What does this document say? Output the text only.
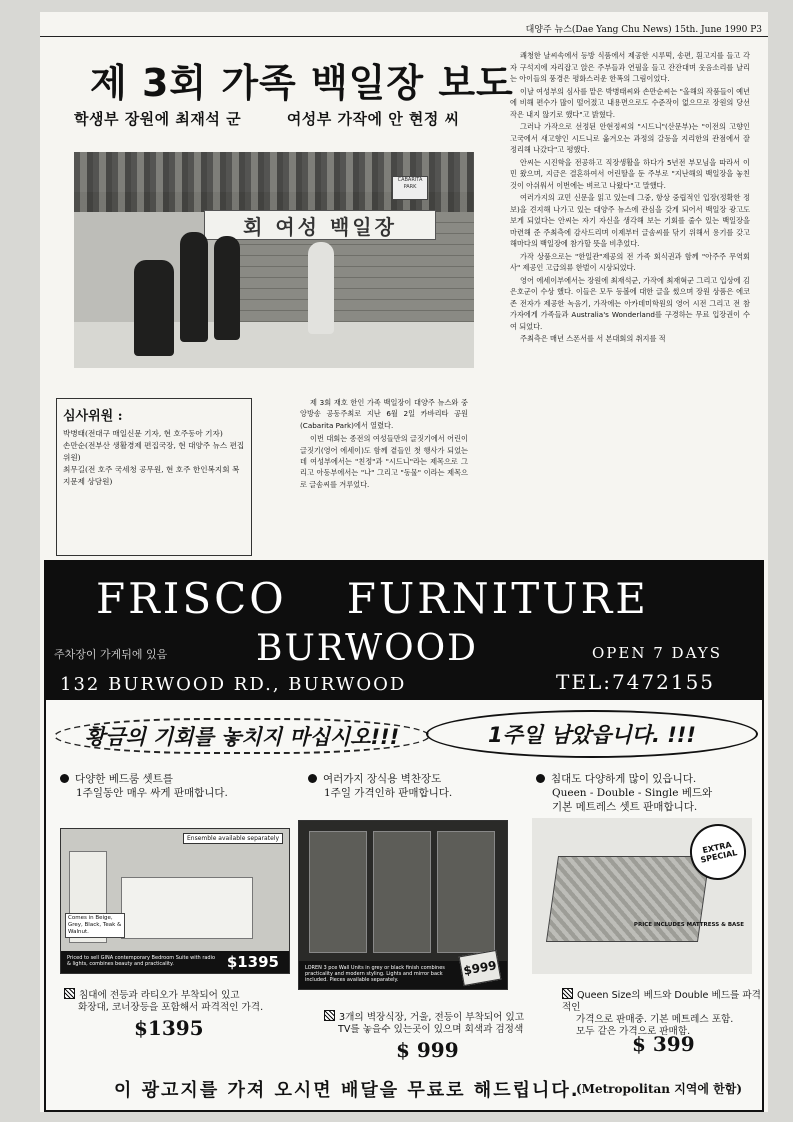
대양주 뉴스(Dae Yang Chu News) 15th. June 1990 P3
제 3회 가족 백일장 보도
학생부 장원에 최재석 군	여성부 가작에 안 현정 씨
회 여성 백일장
CABARITA PARK
심사위원 :
박병태(전대구 매일신문 기자, 현 호주동아 기자)
손만순(전부산 생활경제 편집국장, 현 대양주 뉴스 편집위원)
최무길(전 호주 국세청 공무원, 현 호주 한인복지회 복지문제 상담원)

제 3회 재호 한인 가족 백일장이 대양주 뉴스와 중앙방송 공동주최로 지난 6월 2일 카바리타 공원(Cabarita Park)에서 열렸다.

이번 대회는 종전의 여성들만의 글짓기에서 어린이 글짓기(영어 에세이)도 함께 곁들인 첫 행사가 되었는데 여성부에서는 "친정"과 "시드니"라는 제목으로 그리고 아동부에서는 "나" 그리고 "동물" 이라는 제목으로 글솜씨를 겨루었다.

쾌청한 날씨속에서 등방 식품에서 제공한 시루떡, 송편, 흰고지를 들고 각자 구석지에 자리잡고 앉은 주부들과 연필을 들고 잔잔대며 웃음소리를 날리는 아이들의 풍경은 평화스러운 한폭의 그림이었다.

이날 여성부의 심사를 맡은 박병태씨와 손만순씨는 "올해의 작품들이 예년에 비해 편수가 많이 떨어졌고 내용면으로도 수준작이 없으므로 장원의 당선작은 내지 않기로 했다"고 밝혔다.

그러나 가작으로 선정된 안현정씨의 "시드니"(산문부)는 "이전의 고향인 고국에서 새고향인 시드니로 옮겨오는 과정의 갈등을 지리한의 관점에서 잘 정리해 나갔다"고 평했다.

안씨는 시진학을 전공하고 직장생활을 하다가 5년전 부모님을 따라서 이민 왔으며, 지금은 결혼하여서 어린딸을 둔 주부로 "지난해의 백일장을 놓친것이 아쉬워서 이번에는 벼르고 나왔다"고 말했다.

여러가지의 교민 신문을 읽고 있는데 그중, 항상 중립적인 입장(정확한 정보)을 견지해 나가고 있는 대양주 뉴스에 관심을 갖게 되어서 백일장 광고도 보게 되었다는 안씨는 자기 자신을 생각해 보는 기회를 줄수 있는 백일장을 마련해 준 주최측에 감사드리며 이제부터 글솜씨를 닦기 위해서 용기를 갖고 해마다의 백일장에 참가할 뜻을 비추었다.

가작 상품으로는 "한일관"제공의 전 가족 회식권과 함께 "아주주 무역회사" 제공인 고급의류 한벌이 시상되었다.

영어 에세이부에서는 장원에 최재석군, 가작에 최재혁군 그리고 입상에 김은호군이 수상 했다. 이들은 모두 등볼에 대한 글을 썼으며 장원 상품은 에코존 전자가 제공한 녹음기, 가작에는 아카데미학원의 영어 시전 그리고 전 참가자에게 가족들과 Australia's Wonderland를 구경하는 무료 입장권이 수여 되었다.

주최측은 매년 스폰서를 서 본대회의 취지를 적

FRISCO FURNITURE
주차장이 가게뒤에 있음 BURWOOD	OPEN 7 DAYS
132 BURWOOD RD., BURWOOD	TEL:7472155
황금의 기회를 놓치지 마십시오!!!	1주일 남았읍니다. !!!
다양한 베드룸 셋트를
1주일동안 매우 싸게 판매합니다.
여러가지 장식용 벽찬장도
1주일 가격인하 판매합니다.
침대도 다양하게 많이 있읍니다.
Queen - Double - Single 베드와
기본 메트레스 셋트 판매합니다.
Ensemble available separately
Comes in Beige, Grey, Black, Teak & Walnut.
Priced to sell GINA contemporary Bedroom Suite with radio & lights, combines beauty and practicality.	$1395	LOREN 3 pce Wall Units in grey or black finish combines practicality and modern styling. Lights and mirror back included. Pieces available separately.
$999
EXTRA SPECIAL
PRICE INCLUDES MATTRESS & BASE
침대에 전등과 라티오가 부착되어 있고
화장대, 코너장등을 포함해서 파격적인 가격.
$1395	3개의 벽장식장, 거울, 전등이 부착되어 있고
TV를 놓을수 있는곳이 있으며 회색과 검정색
$ 999
Queen Size의 베드와 Double 베드를 파격적인
가격으로 판매중. 기본 메트레스 포함.
모두 같은 가격으로 판매함.
$ 399
이 광고지를 가져 오시면 배달을 무료로 해드립니다.
(Metropolitan 지역에 한함)
